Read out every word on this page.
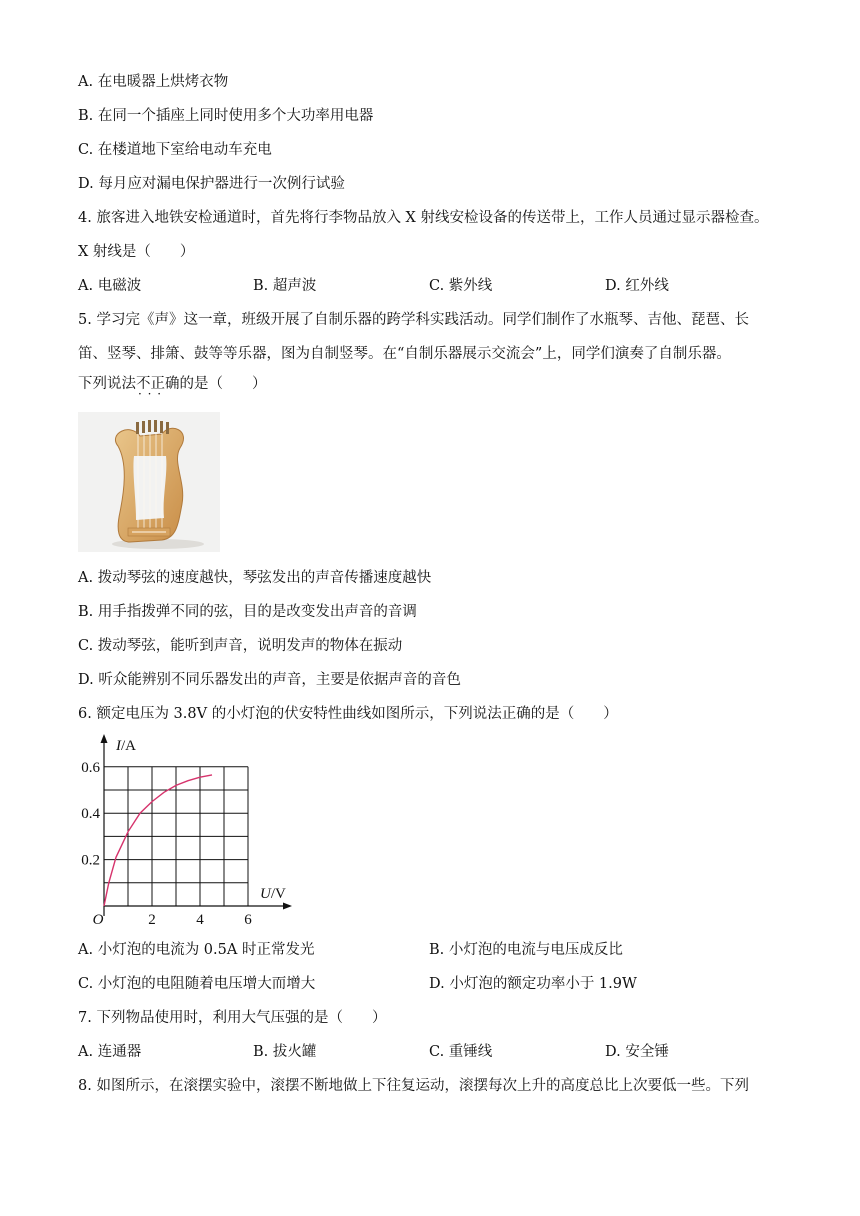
A. 在电暖器上烘烤衣物
B. 在同一个插座上同时使用多个大功率用电器
C. 在楼道地下室给电动车充电
D. 每月应对漏电保护器进行一次例行试验
4. 旅客进入地铁安检通道时，首先将行李物品放入 X 射线安检设备的传送带上，工作人员通过显示器检查。
X 射线是（　　）
A. 电磁波	B. 超声波	C. 紫外线	D. 红外线
5. 学习完《声》这一章，班级开展了自制乐器的跨学科实践活动。同学们制作了水瓶琴、吉他、琵琶、长
笛、竖琴、排箫、鼓等等乐器，图为自制竖琴。在“自制乐器展示交流会”上，同学们演奏了自制乐器。
下列说法不正确 · · ·的是（　　）
A. 拨动琴弦的速度越快，琴弦发出的声音传播速度越快
B. 用手指拨弹不同的弦，目的是改变发出声音的音调
C. 拨动琴弦，能听到声音，说明发声的物体在振动
D. 听众能辨别不同乐器发出的声音，主要是依据声音的音色
6. 额定电压为 3.8V 的小灯泡的伏安特性曲线如图所示，下列说法正确的是（　　）
I/A
U/V
O	2	4	6
0.2
0.4
0.6
A. 小灯泡的电流为 0.5A 时正常发光	B. 小灯泡的电流与电压成反比
C. 小灯泡的电阻随着电压增大而增大	D. 小灯泡的额定功率小于 1.9W
7. 下列物品使用时，利用大气压强的是（　　）
A. 连通器	B. 拔火罐	C. 重锤线	D. 安全锤
8. 如图所示，在滚摆实验中，滚摆不断地做上下往复运动，滚摆每次上升的高度总比上次要低一些。下列
